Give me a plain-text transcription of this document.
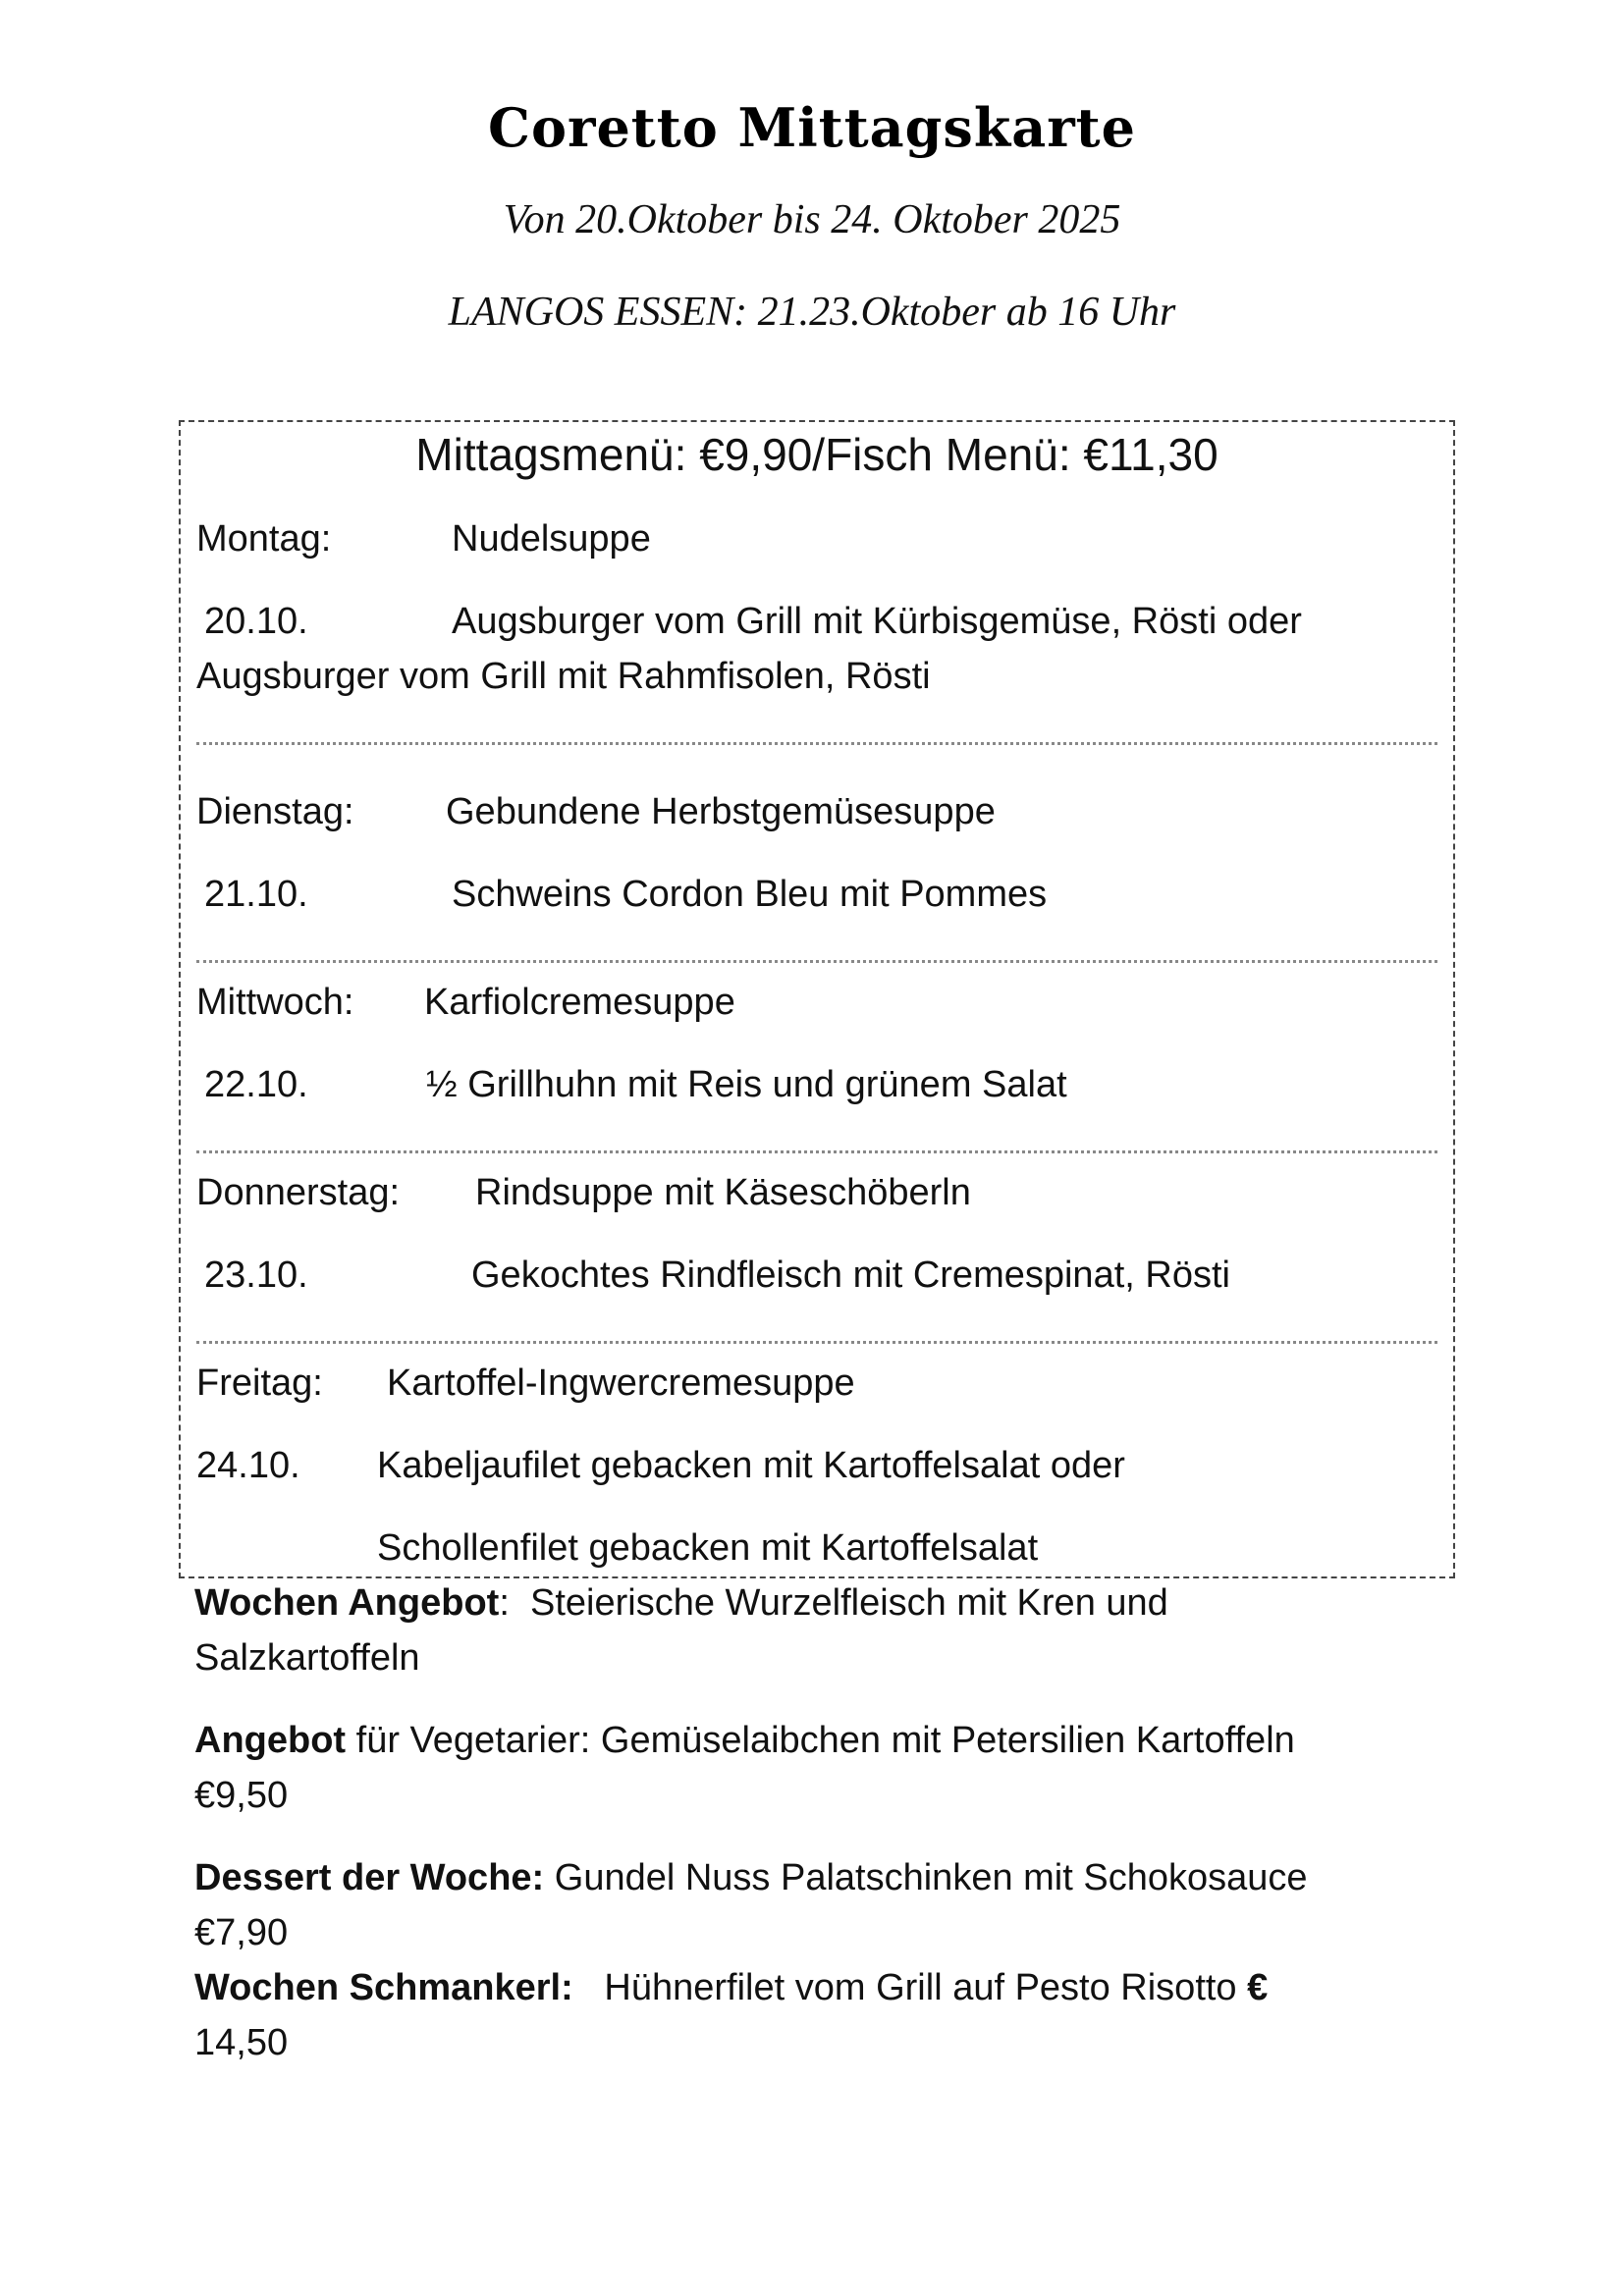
Coretto Mittagskarte
Von 20.Oktober bis 24. Oktober 2025
LANGOS ESSEN: 21.23.Oktober ab 16 Uhr
Mittagsmenü: €9,90/Fisch Menü: €11,30
Montag:	Nudelsuppe
20.10.	Augsburger vom Grill mit Kürbisgemüse, Rösti oder
Augsburger vom Grill mit Rahmfisolen, Rösti
Dienstag: Gebundene Herbstgemüsesuppe
21.10.	Schweins Cordon Bleu mit Pommes
Mittwoch: Karfiolcremesuppe
22.10.	½ Grillhuhn mit Reis und grünem Salat
Donnerstag: Rindsuppe mit Käseschöberln
23.10.	Gekochtes Rindfleisch mit Cremespinat, Rösti
Freitag: Kartoffel-Ingwercremesuppe
24.10. Kabeljaufilet gebacken mit Kartoffelsalat oder
Schollenfilet gebacken mit Kartoffelsalat
Wochen Angebot: Steierische Wurzelfleisch mit Kren und
Salzkartoffeln
Angebot für Vegetarier: Gemüselaibchen mit Petersilien Kartoffeln
€9,50
Dessert der Woche: Gundel Nuss Palatschinken mit Schokosauce
€7,90
Wochen Schmankerl: Hühnerfilet vom Grill auf Pesto Risotto €
14,50
